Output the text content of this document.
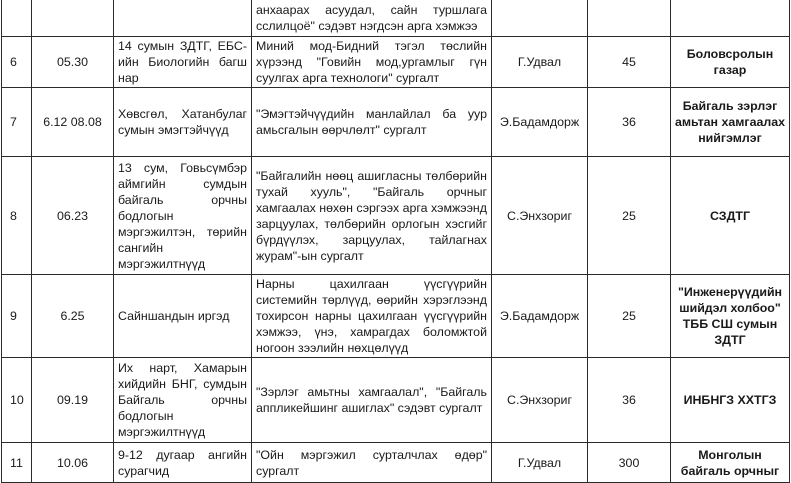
			анхаарах асуудал, сайн туршлага сслилцоё" сэдэвт нэгдсэн арга хэмжээ			
6	05.30	14 сумын ЗДТГ, ЕБС-ийн Биологийн багш нар	Миний мод-Бидний тэгэл төслийн хүрээнд "Говийн мод,ургамлыг гүн суулгах арга технологи" сургалт	Г.Удвал	45	Боловсролын газар
7	6.12 08.08	Хөвсгөл, Хатанбулаг сумын эмэгтэйчүүд	"Эмэгтэйчүүдийн манлайлал ба уур амьсгалын өөрчлөлт" сургалт	Э.Бадамдорж	36	Байгаль зэрлэг амьтан хамгаалах нийгэмлэг
8	06.23	13 сум, Говьсүмбэр аймгийн сумдын байгаль орчны бодлогын мэргэжилтэн, төрийн сангийн мэргэжилтнүүд	"Байгалийн нөөц ашигласны төлбөрийн тухай хууль", "Байгаль орчныг хамгаалах нөхөн сэргээх арга хэмжээнд зарцуулах, төлбөрийн орлогын хэсгийг бүрдүүлэх, зарцуулах, тайлагнах журам"-ын сургалт	С.Энхзориг	25	СЗДТГ
9	6.25	Сайншандын иргэд	Нарны цахилгаан үүсгүүрийн системийн төрлүүд, өөрийн хэрэглээнд тохирсон нарны цахилгаан үүсгүүрийн хэмжээ, үнэ, хамрагдах боломжтой ногоон зээлийн нөхцөлүүд	Э.Бадамдорж	25	"Инженерүүдийн шийдэл холбоо" ТББ СШ сумын ЗДТГ
10	09.19	Их нарт, Хамарын хийдийн БНГ, сумдын Байгаль орчны бодлогын мэргэжилтнүүд	"Зэрлэг амьтны хамгаалал", "Байгаль аппликейшинг ашиглах" сэдэвт сургалт	С.Энхзориг	36	ИНБНГЗ ХХТГЗ
11	10.06	9-12 дугаар ангийн сурагчид	"Ойн мэргэжил сурталчлах өдөр" сургалт	Г.Удвал	300	Монголын байгаль орчныг
